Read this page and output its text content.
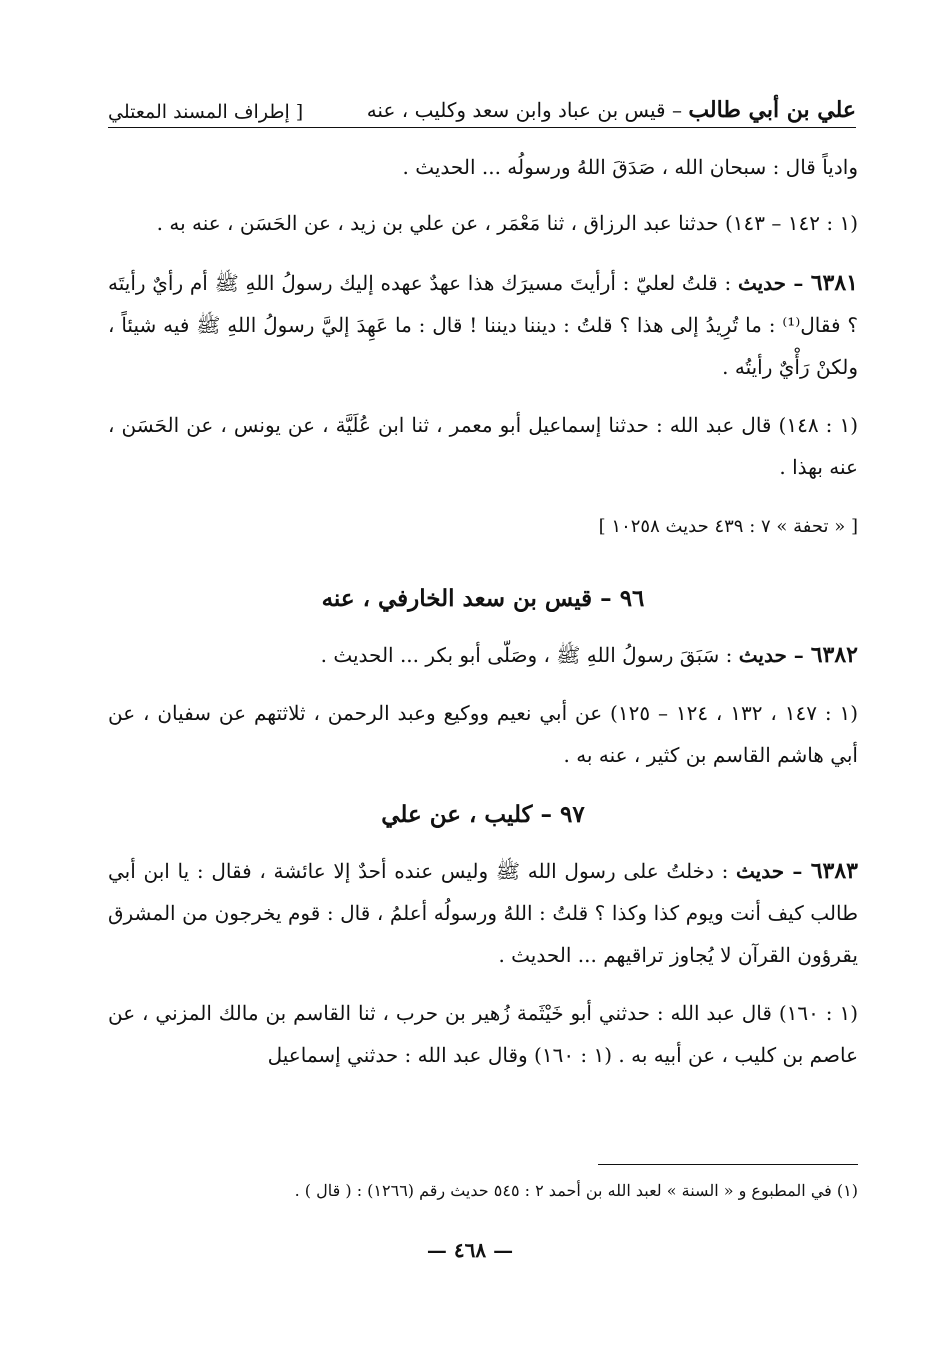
علي بن أبي طالب – قيس بن عباد وابن سعد وكليب ، عنه
[ إطراف المسند المعتلي

وادياً قال : سبحان الله ، صَدَقَ اللهُ ورسولُه ... الحديث .

(١ : ١٤٢ – ١٤٣) حدثنا عبد الرزاق ، ثنا مَعْمَر ، عن علي بن زيد ، عن الحَسَن ، عنه به .

٦٣٨١ – حديث : قلتُ لعليّ : أرأيتَ مسيرَك هذا عهدٌ عهده إليك رسولُ اللهِ ﷺ أم رأيٌ رأيتَه ؟ فقال⁽¹⁾ : ما تُرِيدُ إلى هذا ؟ قلتُ : ديننا ديننا ! قال : ما عَهِدَ إليَّ رسولُ اللهِ ﷺ فيه شيئاً ، ولكنْ رَأْيٌ رأيتُه .

(١ : ١٤٨) قال عبد الله : حدثنا إسماعيل أبو معمر ، ثنا ابن عُلَيَّة ، عن يونس ، عن الحَسَن ، عنه بهذا .

[ « تحفة » ٧ : ٤٣٩ حديث ١٠٢٥٨ ]

٩٦ – قيس بن سعد الخارفي ، عنه

٦٣٨٢ – حديث : سَبَقَ رسولُ اللهِ ﷺ ، وصَلّى أبو بكر ... الحديث .

(١ : ١٤٧ ، ١٣٢ ، ١٢٤ – ١٢٥) عن أبي نعيم ووكيع وعبد الرحمن ، ثلاثتهم عن سفيان ، عن أبي هاشم القاسم بن كثير ، عنه به .

٩٧ – كليب ، عن علي

٦٣٨٣ – حديث : دخلتُ على رسول الله ﷺ وليس عنده أحدٌ إلا عائشة ، فقال : يا ابن أبي طالب كيف أنت ويوم كذا وكذا ؟ قلتُ : اللهُ ورسولُه أعلمُ ، قال : قوم يخرجون من المشرق يقرؤون القرآن لا يُجاوز تراقيهم ... الحديث .

(١ : ١٦٠) قال عبد الله : حدثني أبو خَيْثَمة زُهير بن حرب ، ثنا القاسم بن مالك المزني ، عن عاصم بن كليب ، عن أبيه به . (١ : ١٦٠) وقال عبد الله : حدثني إسماعيل

(١) في المطبوع و « السنة » لعبد الله بن أحمد ٢ : ٥٤٥ حديث رقم (١٢٦٦) : ( قال ) .
— ٤٦٨ —
